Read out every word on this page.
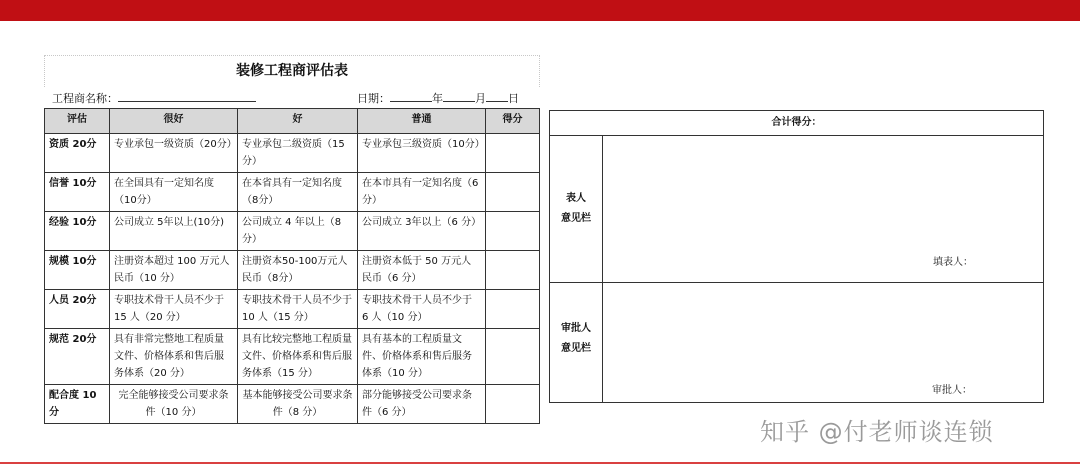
装修工程商评估表
工程商名称：	日期：	年	月 日
评估	很好	好	普通	得分
资质 20分	专业承包一级资质（20分）	专业承包二级资质（15分）	专业承包三级资质（10分）	
信誉 10分	在全国具有一定知名度（10分）	在本省具有一定知名度（8分）	在本市具有一定知名度（6分）	
经验 10分	公司成立 5年以上(10分)	公司成立 4 年以上（8分）	公司成立 3年以上（6 分）	
规模 10分	注册资本超过 100 万元人民币（10 分）	注册资本50-100万元人民币（8分）	注册资本低于 50 万元人民币（6 分）	
人员 20分	专职技术骨干人员不少于 15 人（20 分）	专职技术骨干人员不少于 10 人（15 分）	专职技术骨干人员不少于 6 人（10 分）	
规范 20分	具有非常完整地工程质量文件、价格体系和售后服务体系（20 分）	具有比较完整地工程质量文件、价格体系和售后服务体系（15 分）	具有基本的工程质量文件、价格体系和售后服务体系（10 分）	
配合度 10 分	完全能够接受公司要求条件（10 分）	基本能够接受公司要求条件（8 分）	部分能够接受公司要求条件（6 分）	
合计得分：
表人
意见栏
填表人：
审批人
意见栏
审批人：
知乎 @付老师谈连锁
